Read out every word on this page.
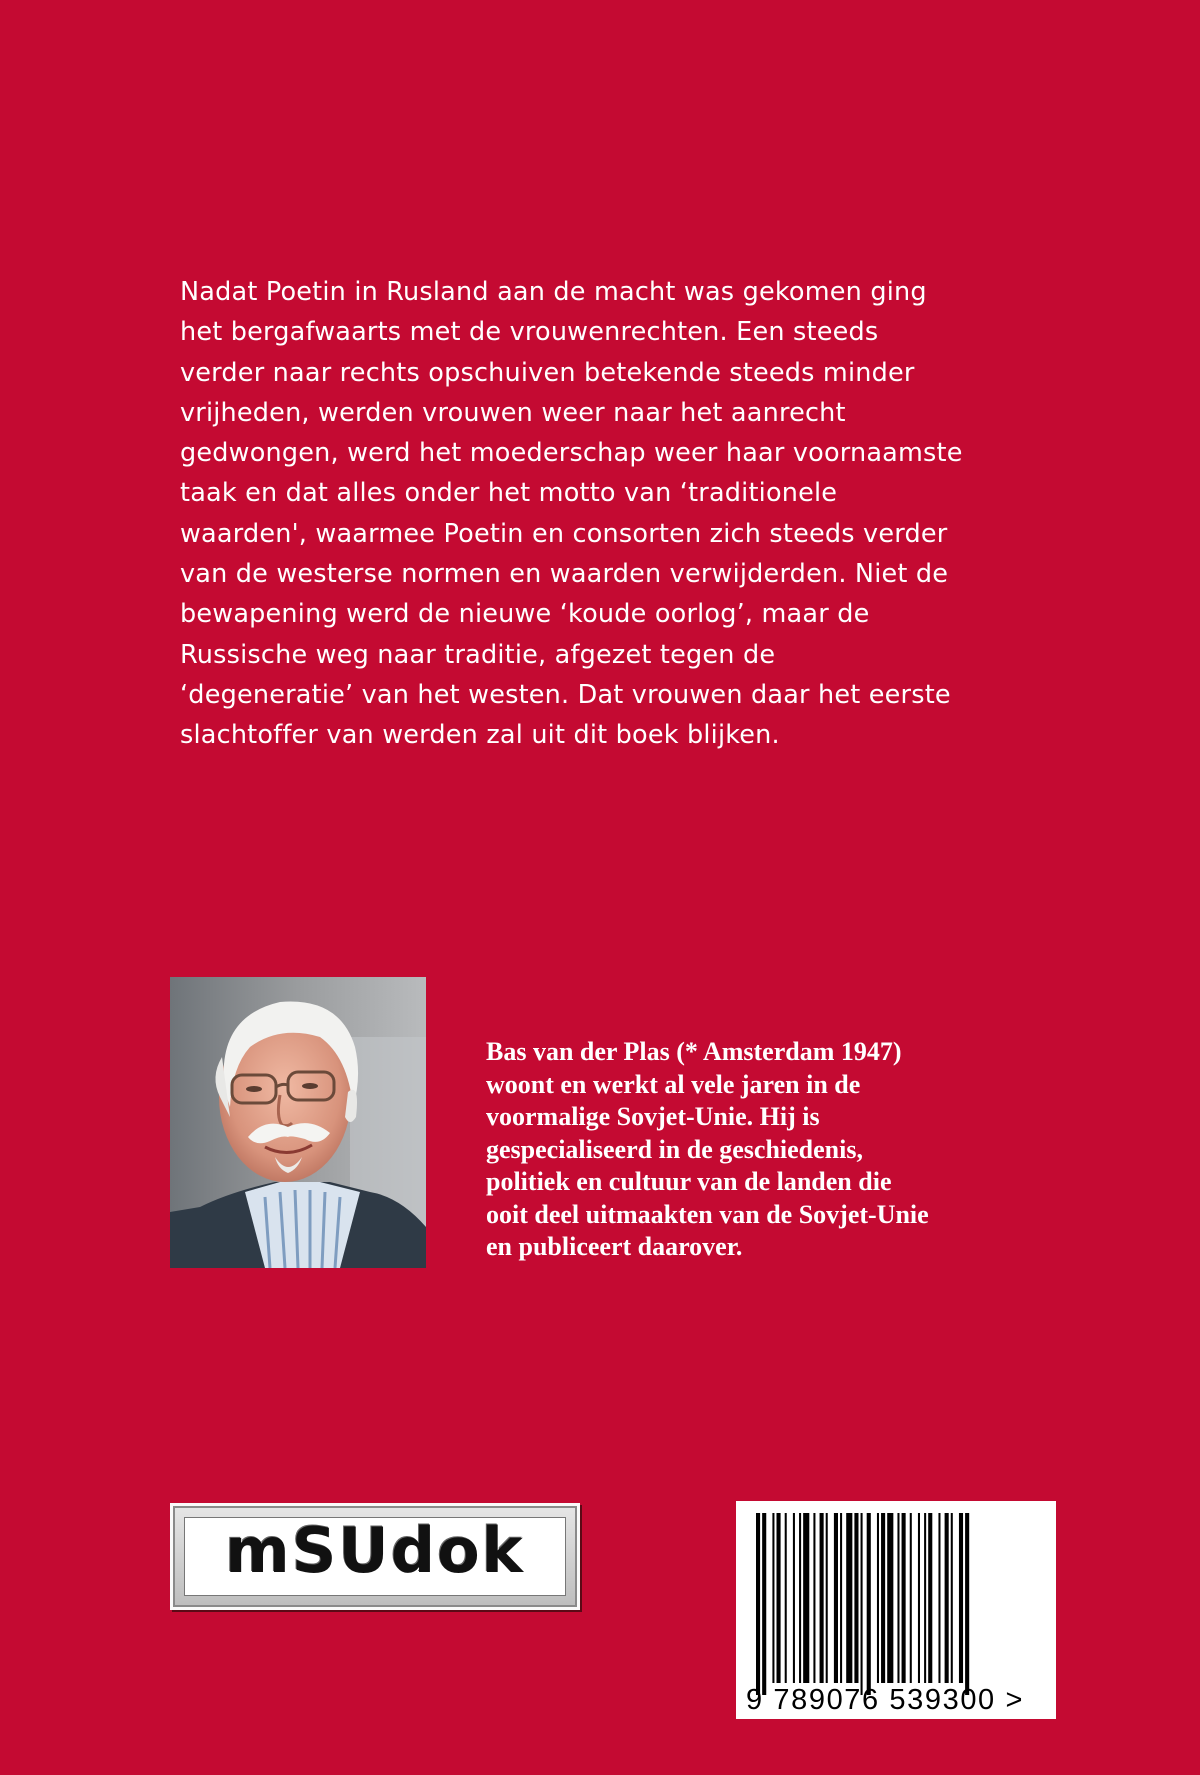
Nadat Poetin in Rusland aan de macht was gekomen ging
het bergafwaarts met de vrouwenrechten. Een steeds
verder naar rechts opschuiven betekende steeds minder
vrijheden, werden vrouwen weer naar het aanrecht
gedwongen, werd het moederschap weer haar voornaamste
taak en dat alles onder het motto van ‘traditionele
waarden', waarmee Poetin en consorten zich steeds verder
van de westerse normen en waarden verwijderden. Niet de
bewapening werd de nieuwe ‘koude oorlog’, maar de
Russische weg naar traditie, afgezet tegen de
‘degeneratie’ van het westen. Dat vrouwen daar het eerste
slachtoffer van werden zal uit dit boek blijken.
Bas van der Plas (* Amsterdam 1947)
woont en werkt al vele jaren in de
voormalige Sovjet-Unie. Hij is
gespecialiseerd in de geschiedenis,
politiek en cultuur van de landen die
ooit deel uitmaakten van de Sovjet-Unie
en publiceert daarover.
mSUdok
9 789076 539300 >
